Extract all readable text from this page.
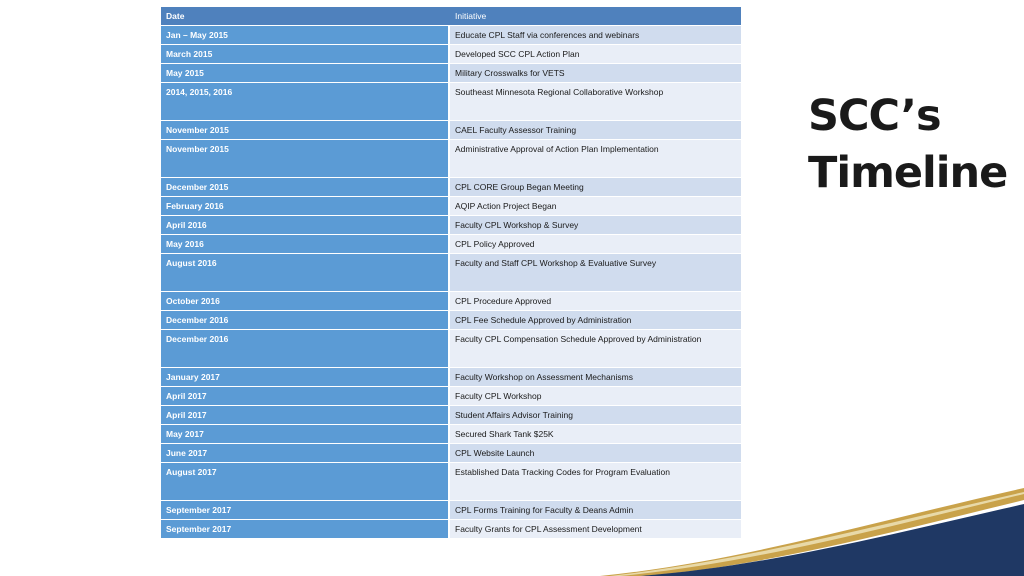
Date	Initiative
Jan – May 2015	Educate CPL Staff via conferences and webinars
March 2015	Developed SCC CPL Action Plan
May 2015	Military Crosswalks for VETS
2014, 2015, 2016	Southeast Minnesota Regional Collaborative Workshop
November 2015	CAEL Faculty Assessor Training
November 2015	Administrative Approval of Action Plan Implementation
December 2015	CPL CORE Group Began Meeting
February 2016	AQIP Action Project Began
April 2016	Faculty CPL Workshop & Survey
May 2016	CPL Policy Approved
August 2016	Faculty and Staff CPL Workshop & Evaluative Survey
October 2016	CPL Procedure Approved
December 2016	CPL Fee Schedule Approved by Administration
December 2016	Faculty CPL Compensation Schedule Approved by Administration
January 2017	Faculty Workshop on Assessment Mechanisms
April 2017	Faculty CPL Workshop
April 2017	Student Affairs Advisor Training
May 2017	Secured Shark Tank $25K
June 2017	CPL Website Launch
August 2017	Established Data Tracking Codes for Program Evaluation
September 2017	CPL Forms Training for Faculty & Deans Admin
September 2017	Faculty Grants for CPL Assessment Development
SCC’s
Timeline
